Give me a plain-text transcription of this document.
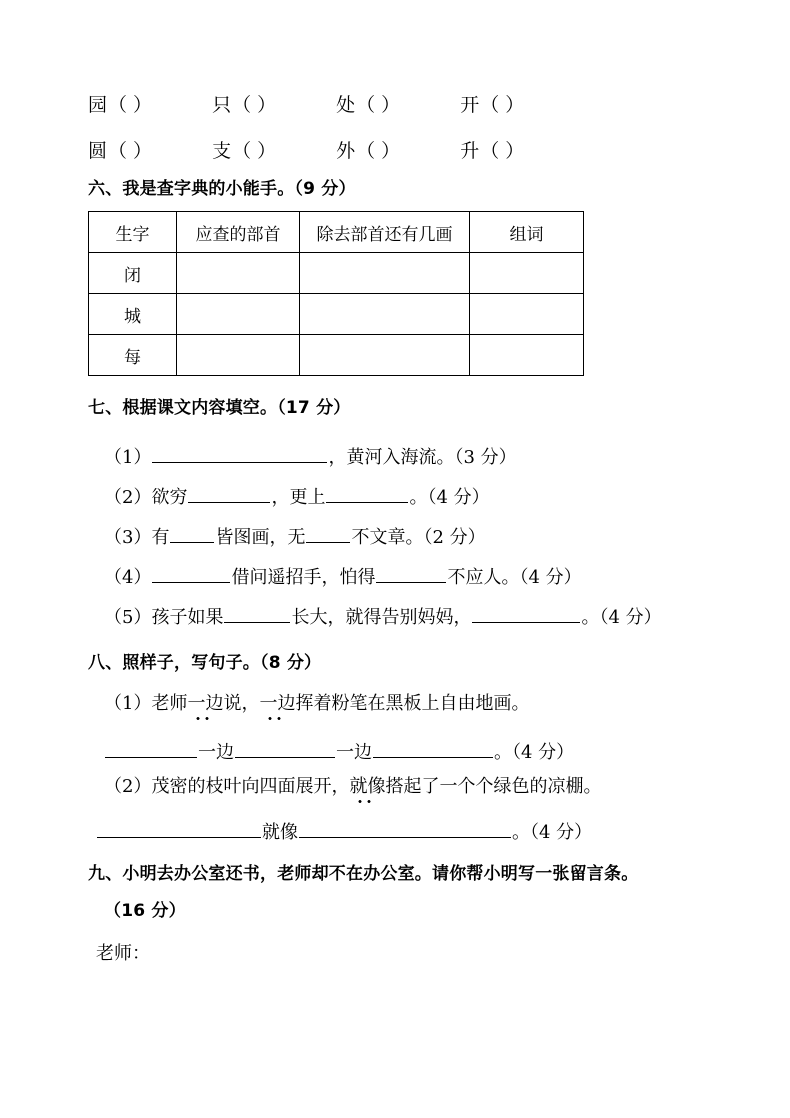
园（ ）	只（ ）	处（ ）	开（ ）
圆（ ）	支（ ）	外（ ）	升（ ）
六、我是查字典的小能手。（9 分）
生字	应查的部首	除去部首还有几画	组词
闭			
城			
每			
七、根据课文内容填空。（17 分）
（1）	，黄河入海流。（3 分）
（2）欲穷	，更上	。（4 分）
（3）有	皆图画，无	不文章。（2 分）
（4）	借问遥招手，怕得	不应人。（4 分）
（5）孩子如果	长大，就得告别妈妈，	。（4 分）
八、照样子，写句子。（8 分）
（1）老师一边说，一边挥着粉笔在黑板上自由地画。
一边	一边	。（4 分）
（2）茂密的枝叶向四面展开，就像搭起了一个个绿色的凉棚。
就像	。（4 分）
九、小明去办公室还书，老师却不在办公室。请你帮小明写一张留言条。
（16 分）
老师：
